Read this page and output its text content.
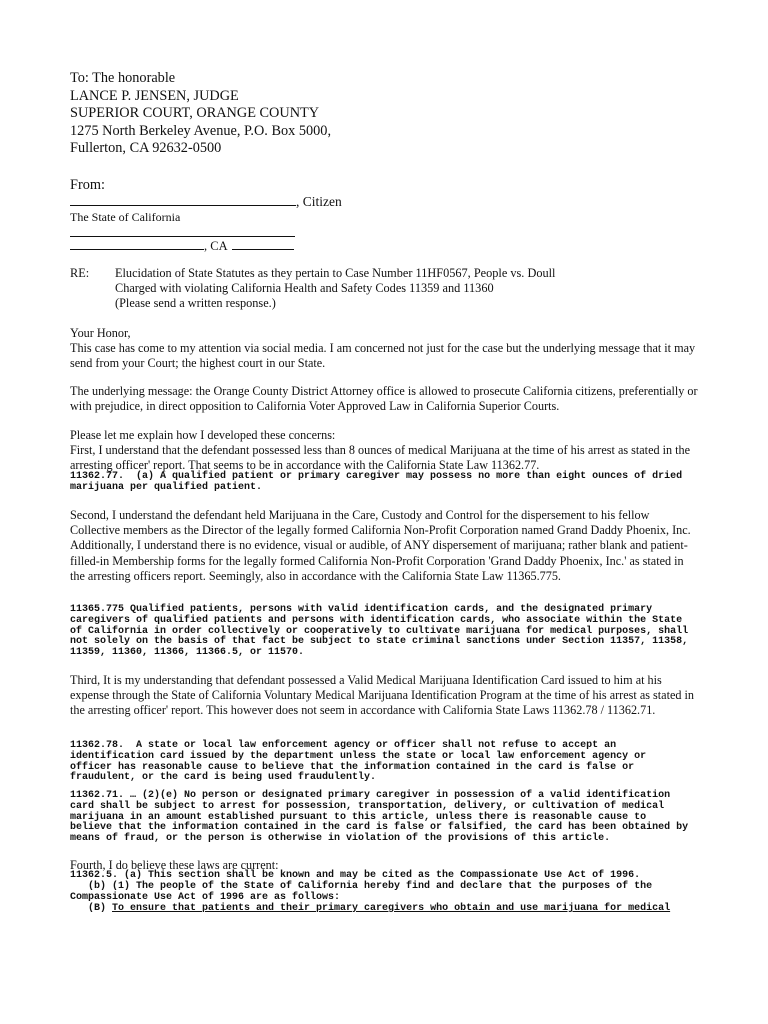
To: The honorable
LANCE P. JENSEN, JUDGE
SUPERIOR COURT, ORANGE COUNTY
1275 North Berkeley Avenue, P.O. Box 5000,
Fullerton, CA 92632-0500
From:
, Citizen
The State of California
, CA
RE: Elucidation of State Statutes as they pertain to Case Number 11HF0567, People vs. Doull
Charged with violating California Health and Safety Codes 11359 and 11360
(Please send a written response.)

Your Honor,

This case has come to my attention via social media. I am concerned not just for the case but the underlying message that it may send from your Court; the highest court in our State.

The underlying message: the Orange County District Attorney office is allowed to prosecute California citizens, preferentially or with prejudice, in direct opposition to California Voter Approved Law in California Superior Courts.

Please let me explain how I developed these concerns:

First, I understand that the defendant possessed less than 8 ounces of medical Marijuana at the time of his arrest as stated in the arresting officer' report. That seems to be in accordance with the California State Law 11362.77.

11362.77.  (a) A qualified patient or primary caregiver may possess no more than eight ounces of dried
marijuana per qualified patient.

Second, I understand the defendant held Marijuana in the Care, Custody and Control for the dispersement to his fellow Collective members as the Director of the legally formed California Non-Profit Corporation named Grand Daddy Phoenix, Inc.

Additionally, I understand there is no evidence, visual or audible, of ANY dispersement of marijuana; rather blank and patient-filled-in Membership forms for the legally formed California Non-Profit Corporation 'Grand Daddy Phoenix, Inc.' as stated in the arresting officers report. Seemingly, also in accordance with the California State Law 11365.775.

11365.775 Qualified patients, persons with valid identification cards, and the designated primary
caregivers of qualified patients and persons with identification cards, who associate within the State
of California in order collectively or cooperatively to cultivate marijuana for medical purposes, shall
not solely on the basis of that fact be subject to state criminal sanctions under Section 11357, 11358,
11359, 11360, 11366, 11366.5, or 11570.
Third, It is my understanding that defendant possessed a Valid Medical Marijuana Identification Card issued to him at his expense through the State of California Voluntary Medical Marijuana Identification Program at the time of his arrest as stated in the arresting officer' report. This however does not seem in accordance with California State Laws 11362.78 / 11362.71.
11362.78.  A state or local law enforcement agency or officer shall not refuse to accept an
identification card issued by the department unless the state or local law enforcement agency or
officer has reasonable cause to believe that the information contained in the card is false or
fraudulent, or the card is being used fraudulently.
11362.71. … (2)(e) No person or designated primary caregiver in possession of a valid identification
card shall be subject to arrest for possession, transportation, delivery, or cultivation of medical
marijuana in an amount established pursuant to this article, unless there is reasonable cause to
believe that the information contained in the card is false or falsified, the card has been obtained by
means of fraud, or the person is otherwise in violation of the provisions of this article.
Fourth, I do believe these laws are current:
11362.5. (a) This section shall be known and may be cited as the Compassionate Use Act of 1996.
(b) (1) The people of the State of California hereby find and declare that the purposes of the
Compassionate Use Act of 1996 are as follows:
(B) To ensure that patients and their primary caregivers who obtain and use marijuana for medical
